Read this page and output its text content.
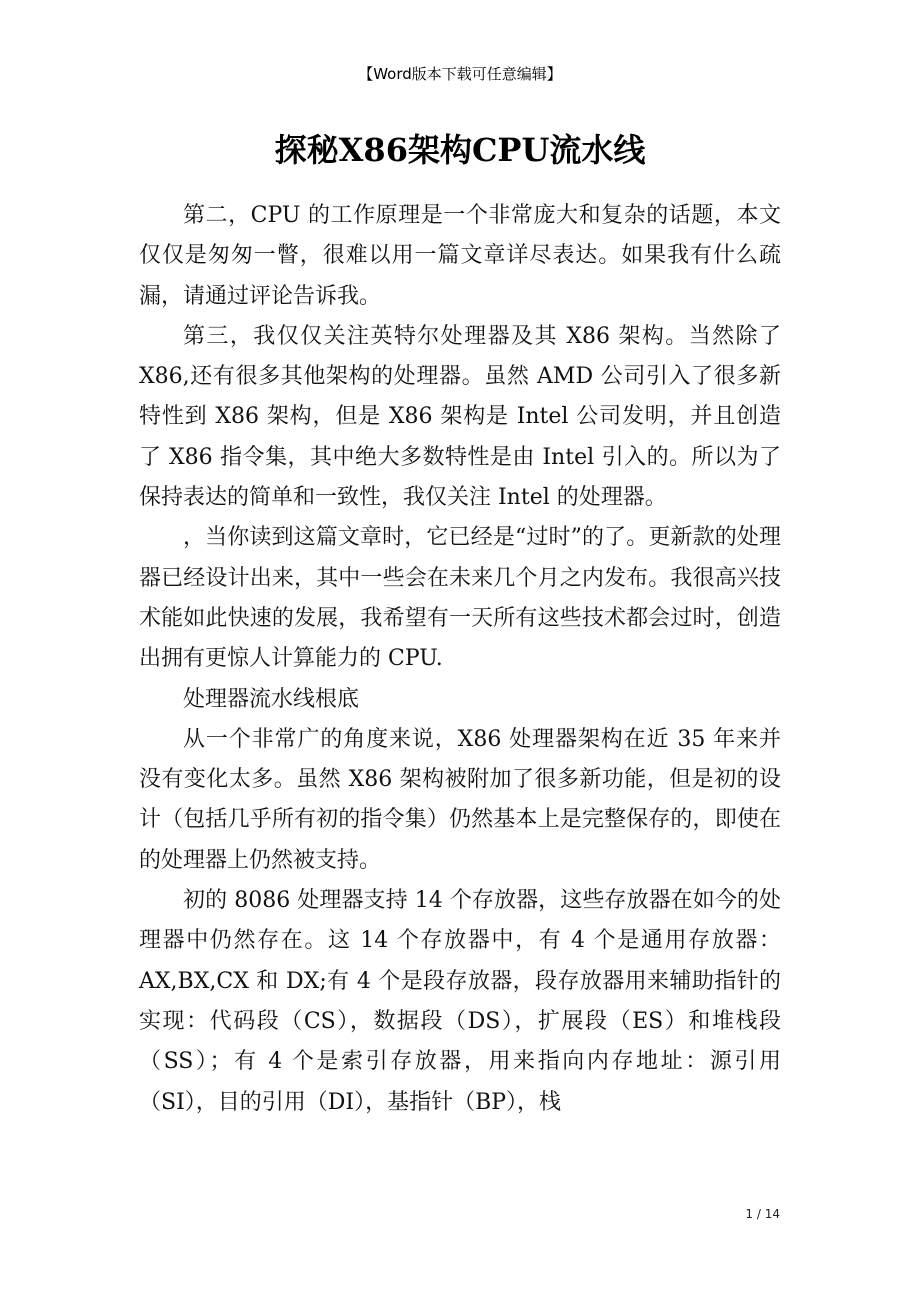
【Word版本下载可任意编辑】
探秘X86架构CPU流水线

第二，CPU 的工作原理是一个非常庞大和复杂的话题，本文仅仅是匆匆一瞥，很难以用一篇文章详尽表达。如果我有什么疏漏，请通过评论告诉我。

第三，我仅仅关注英特尔处理器及其 X86 架构。当然除了 X86,还有很多其他架构的处理器。虽然 AMD 公司引入了很多新特性到 X86 架构，但是 X86 架构是 Intel 公司发明，并且创造了 X86 指令集，其中绝大多数特性是由 Intel 引入的。所以为了保持表达的简单和一致性，我仅关注 Intel 的处理器。

，当你读到这篇文章时，它已经是“过时”的了。更新款的处理器已经设计出来，其中一些会在未来几个月之内发布。我很高兴技术能如此快速的发展，我希望有一天所有这些技术都会过时，创造出拥有更惊人计算能力的 CPU.

处理器流水线根底

从一个非常广的角度来说，X86 处理器架构在近 35 年来并没有变化太多。虽然 X86 架构被附加了很多新功能，但是初的设计（包括几乎所有初的指令集）仍然基本上是完整保存的，即使在的处理器上仍然被支持。

初的 8086 处理器支持 14 个存放器，这些存放器在如今的处理器中仍然存在。这 14 个存放器中，有 4 个是通用存放器：AX,BX,CX 和 DX;有 4 个是段存放器，段存放器用来辅助指针的实现：代码段（CS），数据段（DS），扩展段（ES）和堆栈段（SS）；有 4 个是索引存放器，用来指向内存地址：源引用（SI），目的引用（DI），基指针（BP），栈

1 / 14
